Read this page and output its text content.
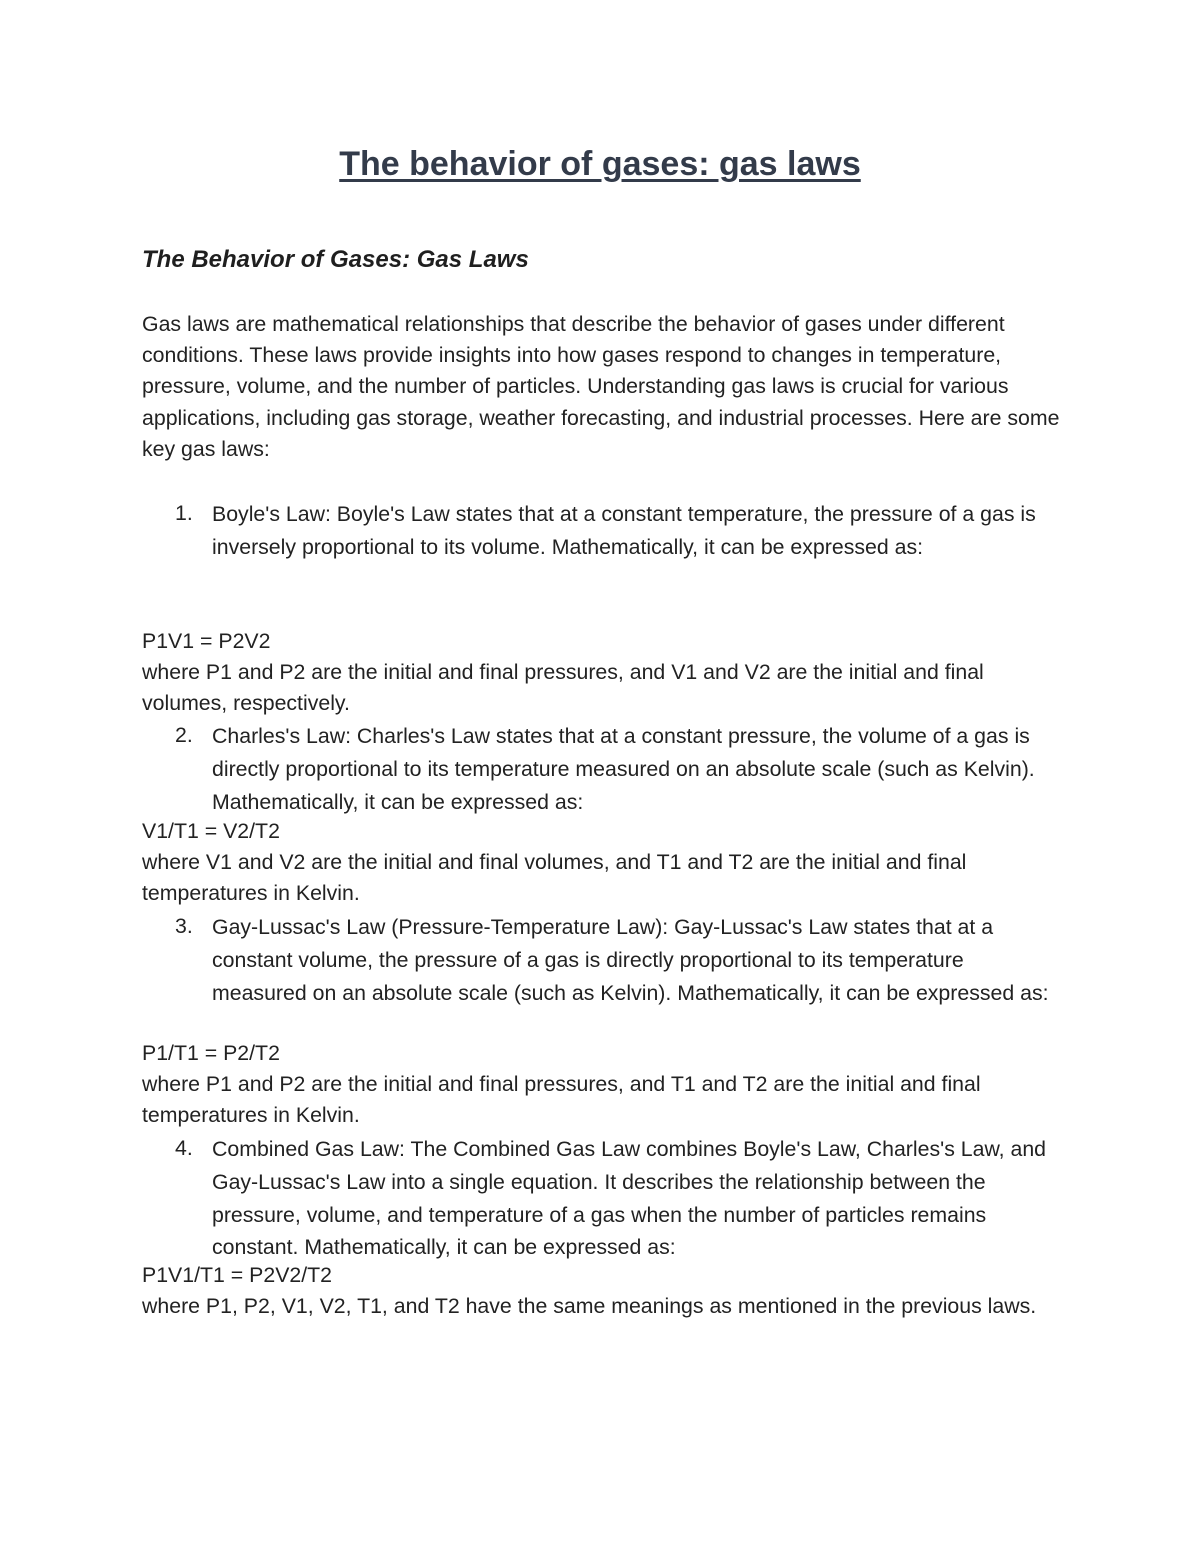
The behavior of gases: gas laws
The Behavior of Gases: Gas Laws

Gas laws are mathematical relationships that describe the behavior of gases under different conditions. These laws provide insights into how gases respond to changes in temperature, pressure, volume, and the number of particles. Understanding gas laws is crucial for various applications, including gas storage, weather forecasting, and industrial processes. Here are some key gas laws:

1. Boyle's Law: Boyle's Law states that at a constant temperature, the pressure of a gas is inversely proportional to its volume. Mathematically, it can be expressed as:

P1V1 = P2V2

where P1 and P2 are the initial and final pressures, and V1 and V2 are the initial and final volumes, respectively.

2. Charles's Law: Charles's Law states that at a constant pressure, the volume of a gas is directly proportional to its temperature measured on an absolute scale (such as Kelvin). Mathematically, it can be expressed as:

V1/T1 = V2/T2

where V1 and V2 are the initial and final volumes, and T1 and T2 are the initial and final temperatures in Kelvin.

3. Gay-Lussac's Law (Pressure-Temperature Law): Gay-Lussac's Law states that at a constant volume, the pressure of a gas is directly proportional to its temperature measured on an absolute scale (such as Kelvin). Mathematically, it can be expressed as:

P1/T1 = P2/T2

where P1 and P2 are the initial and final pressures, and T1 and T2 are the initial and final temperatures in Kelvin.

4. Combined Gas Law: The Combined Gas Law combines Boyle's Law, Charles's Law, and Gay-Lussac's Law into a single equation. It describes the relationship between the pressure, volume, and temperature of a gas when the number of particles remains constant. Mathematically, it can be expressed as:

P1V1/T1 = P2V2/T2

where P1, P2, V1, V2, T1, and T2 have the same meanings as mentioned in the previous laws.
